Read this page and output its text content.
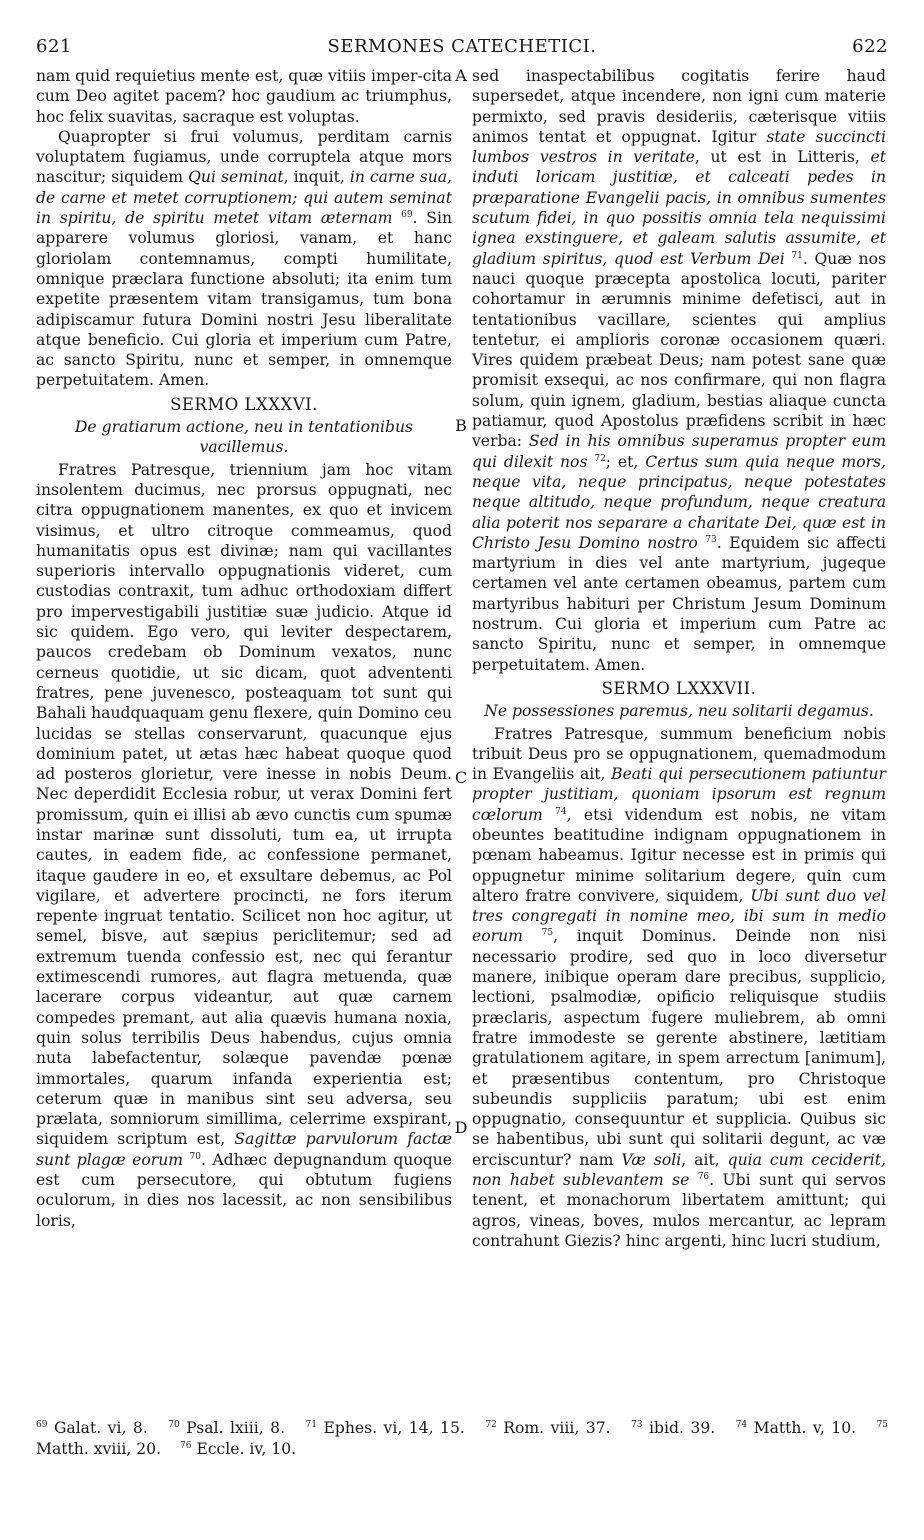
621	SERMONES CATECHETICI.	622
A
B
C
D

nam quid requietius mente est, quæ vitiis imper-cita cum Deo agitet pacem? hoc gaudium ac triumphus, hoc felix suavitas, sacraque est voluptas.

Quapropter si frui volumus, perditam carnis voluptatem fugiamus, unde corruptela atque mors nascitur; siquidem Qui seminat, inquit, in carne sua, de carne et metet corruptionem; qui autem seminat in spiritu, de spiritu metet vitam æternam $^{69}$. Sin apparere volumus gloriosi, vanam, et hanc gloriolam contemnamus, compti humilitate, omnique præclara functione absoluti; ita enim tum expetite præsentem vitam transigamus, tum bona adipiscamur futura Domini nostri Jesu liberalitate atque beneficio. Cui gloria et imperium cum Patre, ac sancto Spiritu, nunc et semper, in omnemque perpetuitatem. Amen.

SERMO LXXXVI.
De gratiarum actione, neu in tentationibus vacillemus.

Fratres Patresque, triennium jam hoc vitam insolentem ducimus, nec prorsus oppugnati, nec citra oppugnationem manentes, ex quo et invicem visimus, et ultro citroque commeamus, quod humanitatis opus est divinæ; nam qui vacillantes superioris intervallo oppugnationis videret, cum custodias contraxit, tum adhuc orthodoxiam differt pro impervestigabili justitiæ suæ judicio. Atque id sic quidem. Ego vero, qui leviter despectarem, paucos credebam ob Dominum vexatos, nunc cerneus quotidie, ut sic dicam, quot advententi fratres, pene juvenesco, posteaquam tot sunt qui Bahali haudquaquam genu flexere, quin Domino ceu lucidas se stellas conservarunt, quacunque ejus dominium patet, ut ætas hæc habeat quoque quod ad posteros glorietur, vere inesse in nobis Deum. Nec deperdidit Ecclesia robur, ut verax Domini fert promissum, quin ei illisi ab ævo cunctis cum spumæ instar marinæ sunt dissoluti, tum ea, ut irrupta cautes, in eadem fide, ac confessione permanet, itaque gaudere in eo, et exsultare debemus, ac Pol vigilare, et advertere procincti, ne fors iterum repente ingruat tentatio. Scilicet non hoc agitur, ut semel, bisve, aut sæpius periclitemur; sed ad extremum tuenda confessio est, nec qui ferantur extimescendi rumores, aut flagra metuenda, quæ lacerare corpus videantur, aut quæ carnem compedes premant, aut alia quævis humana noxia, quin solus terribilis Deus habendus, cujus omnia nuta labefactentur, solæque pavendæ pœnæ immortales, quarum infanda experientia est; ceterum quæ in manibus sint seu adversa, seu prælata, somniorum simillima, celerrime exspirant, siquidem scriptum est, Sagittæ parvulorum factæ sunt plagæ eorum $^{70}$. Adhæc depugnandum quoque est cum persecutore, qui obtutum fugiens oculorum, in dies nos lacessit, ac non sensibilibus loris,

sed inaspectabilibus cogitatis ferire haud supersedet, atque incendere, non igni cum materie permixto, sed pravis desideriis, cæterisque vitiis animos tentat et oppugnat. Igitur state succincti lumbos vestros in veritate, ut est in Litteris, et induti loricam justitiæ, et calceati pedes in præparatione Evangelii pacis, in omnibus sumentes scutum fidei, in quo possitis omnia tela nequissimi ignea exstinguere, et galeam salutis assumite, et gladium spiritus, quod est Verbum Dei $^{71}$. Quæ nos nauci quoque præcepta apostolica locuti, pariter cohortamur in ærumnis minime defetisci, aut in tentationibus vacillare, scientes qui amplius tentetur, ei amplioris coronæ occasionem quæri. Vires quidem præbeat Deus; nam potest sane quæ promisit exsequi, ac nos confirmare, qui non flagra solum, quin ignem, gladium, bestias aliaque cuncta patiamur, quod Apostolus præfidens scribit in hæc verba: Sed in his omnibus superamus propter eum qui dilexit nos $^{72}$; et, Certus sum quia neque mors, neque vita, neque principatus, neque potestates neque altitudo, neque profundum, neque creatura alia poterit nos separare a charitate Dei, quæ est in Christo Jesu Domino nostro $^{73}$. Equidem sic affecti martyrium in dies vel ante martyrium, jugeque certamen vel ante certamen obeamus, partem cum martyribus habituri per Christum Jesum Dominum nostrum. Cui gloria et imperium cum Patre ac sancto Spiritu, nunc et semper, in omnemque perpetuitatem. Amen.

SERMO LXXXVII.
Ne possessiones paremus, neu solitarii degamus.

Fratres Patresque, summum beneficium nobis tribuit Deus pro se oppugnationem, quemadmodum in Evangeliis ait, Beati qui persecutionem patiuntur propter justitiam, quoniam ipsorum est regnum cœlorum $^{74}$, etsi videndum est nobis, ne vitam obeuntes beatitudine indignam oppugnationem in pœnam habeamus. Igitur necesse est in primis qui oppugnetur minime solitarium degere, quin cum altero fratre convivere, siquidem, Ubi sunt duo vel tres congregati in nomine meo, ibi sum in medio eorum $^{75}$, inquit Dominus. Deinde non nisi necessario prodire, sed quo in loco diversetur manere, inibique operam dare precibus, supplicio, lectioni, psalmodiæ, opificio reliquisque studiis præclaris, aspectum fugere muliebrem, ab omni fratre immodeste se gerente abstinere, lætitiam gratulationem agitare, in spem arrectum [animum], et præsentibus contentum, pro Christoque subeundis suppliciis paratum; ubi est enim oppugnatio, consequuntur et supplicia. Quibus sic se habentibus, ubi sunt qui solitarii degunt, ac væ erciscuntur? nam Væ soli, ait, quia cum ceciderit, non habet sublevantem se $^{76}$. Ubi sunt qui servos tenent, et monachorum libertatem amittunt; qui agros, vineas, boves, mulos mercantur, ac lepram contrahunt Giezis? hinc argenti, hinc lucri studium,

$^{69}$ Galat. vi, 8. $^{70}$ Psal. lxiii, 8. $^{71}$ Ephes. vi, 14, 15. $^{72}$ Rom. viii, 37. $^{73}$ ibid. 39. $^{74}$ Matth. v, 10. $^{75}$ Matth. xviii, 20. $^{76}$ Eccle. iv, 10.
